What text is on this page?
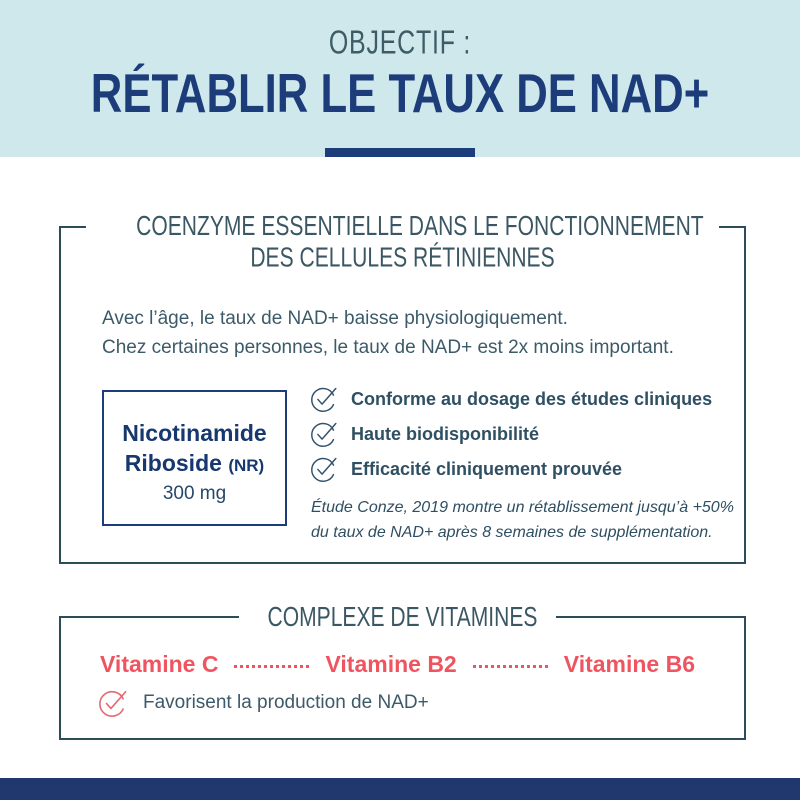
OBJECTIF :
RÉTABLIR LE TAUX DE NAD+
COENZYME ESSENTIELLE DANS LE FONCTIONNEMENT
DES CELLULES RÉTINIENNES
Avec l’âge, le taux de NAD+ baisse physiologiquement.
Chez certaines personnes, le taux de NAD+ est 2x moins important.
Nicotinamide
Riboside (NR)
300 mg
Conforme au dosage des études cliniques
Haute biodisponibilité
Efficacité cliniquement prouvée
Étude Conze, 2019 montre un rétablissement jusqu’à +50%
du taux de NAD+ après 8 semaines de supplémentation.
COMPLEXE DE VITAMINES
Vitamine C	Vitamine B2	Vitamine B6
Favorisent la production de NAD+
